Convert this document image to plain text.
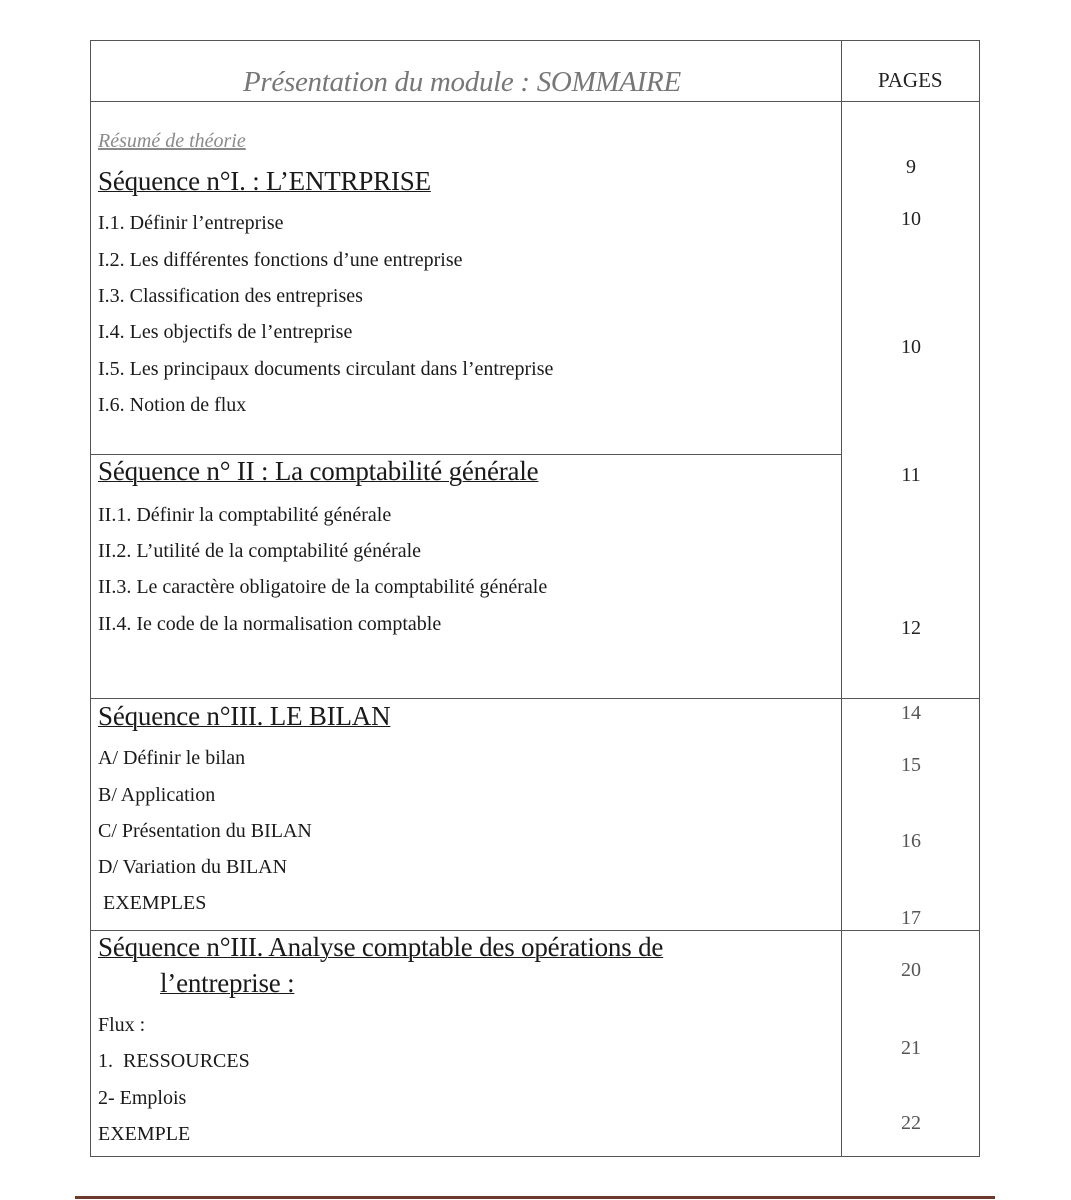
Présentation du module : SOMMAIRE	PAGES
Résumé de théorie
Séquence n°I. : L’ENTRPRISE
I.1. Définir l’entreprise
I.2. Les différentes fonctions d’une entreprise
I.3. Classification des entreprises
I.4. Les objectifs de l’entreprise
I.5. Les principaux documents circulant dans l’entreprise
I.6. Notion de flux
Séquence n° II : La comptabilité générale
II.1. Définir la comptabilité générale
II.2. L’utilité de la comptabilité générale
II.3. Le caractère obligatoire de la comptabilité générale
II.4. Ie code de la normalisation comptable
Séquence n°III. LE BILAN
A/ Définir le bilan
B/ Application
C/ Présentation du BILAN
D/ Variation du BILAN
EXEMPLES
Séquence n°III. Analyse comptable des opérations de
l’entreprise :
Flux :
1.  RESSOURCES
2- Emplois
EXEMPLE
9
10
10
11
12
14
15
16
17
20
21
22
